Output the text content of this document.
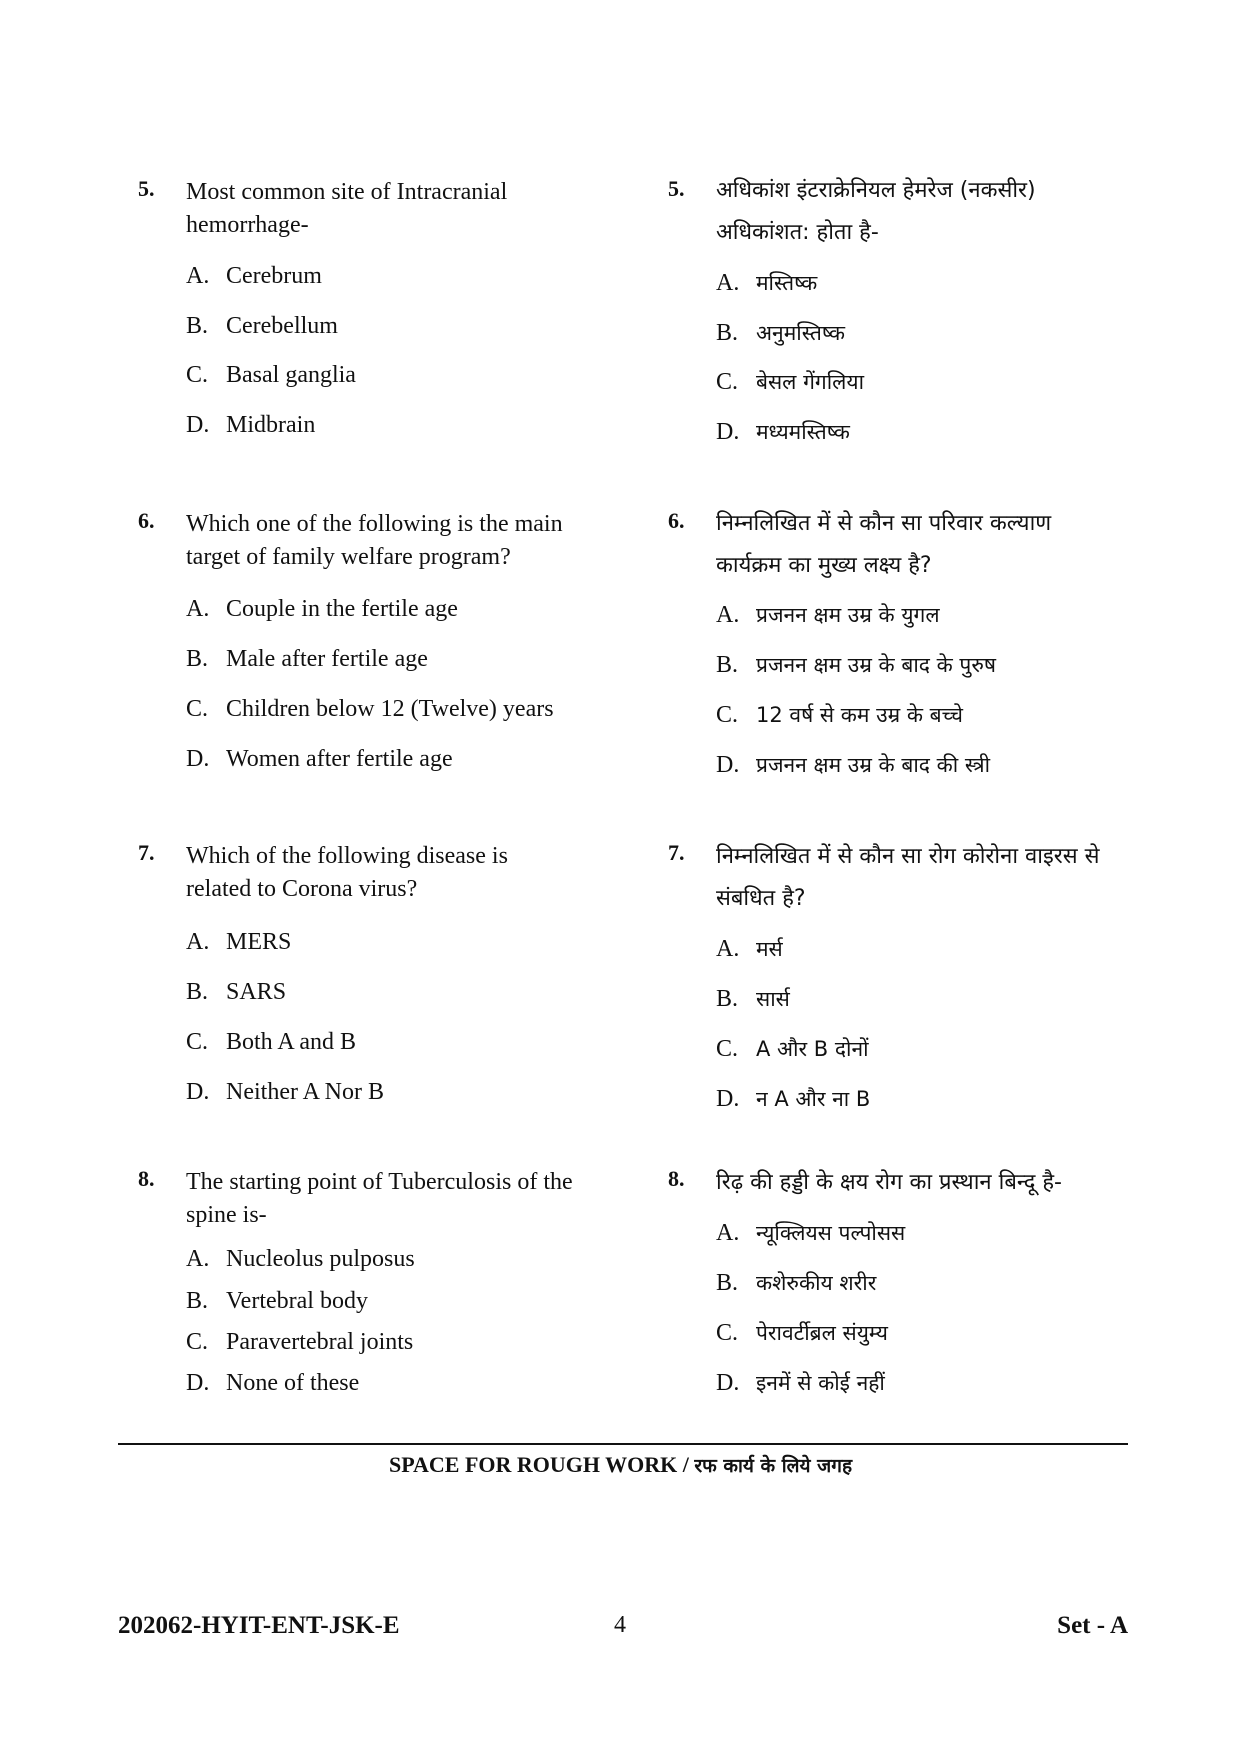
5. Most common site of Intracranial
hemorrhage-
A. Cerebrum
B. Cerebellum
C. Basal ganglia
D. Midbrain
6. Which one of the following is the main
target of family welfare program?
A. Couple in the fertile age
B. Male after fertile age
C. Children below 12 (Twelve) years
D. Women after fertile age
7. Which of the following disease is
related to Corona virus?
A. MERS
B. SARS
C. Both A and B
D. Neither A Nor B
8. The starting point of Tuberculosis of the
spine is-
A. Nucleolus pulposus
B. Vertebral body
C. Paravertebral joints
D. None of these
5. अधिकांश इंटराक्रेनियल हेमरेज (नकसीर)
अधिकांशत: होता है-
A. मस्तिष्क
B. अनुमस्तिष्क
C. बेसल गेंगलिया
D. मध्यमस्तिष्क
6. निम्नलिखित में से कौन सा परिवार कल्याण
कार्यक्रम का मुख्य लक्ष्य है?
A. प्रजनन क्षम उम्र के युगल
B. प्रजनन क्षम उम्र के बाद के पुरुष
C. 12 वर्ष से कम उम्र के बच्चे
D. प्रजनन क्षम उम्र के बाद की स्त्री
7. निम्नलिखित में से कौन सा रोग कोरोना वाइरस से
संबधित है?
A. मर्स
B. सार्स
C. A और B दोनों
D. न A और ना B
8. रिढ़ की हड्डी के क्षय रोग का प्रस्थान बिन्दू है-
A. न्यूक्लियस पल्पोसस
B. कशेरुकीय शरीर
C. पेरावर्टीब्रल संयुम्य
D. इनमें से कोई नहीं
SPACE FOR ROUGH WORK / रफ कार्य के लिये जगह
202062-HYIT-ENT-JSK-E	4	Set - A
